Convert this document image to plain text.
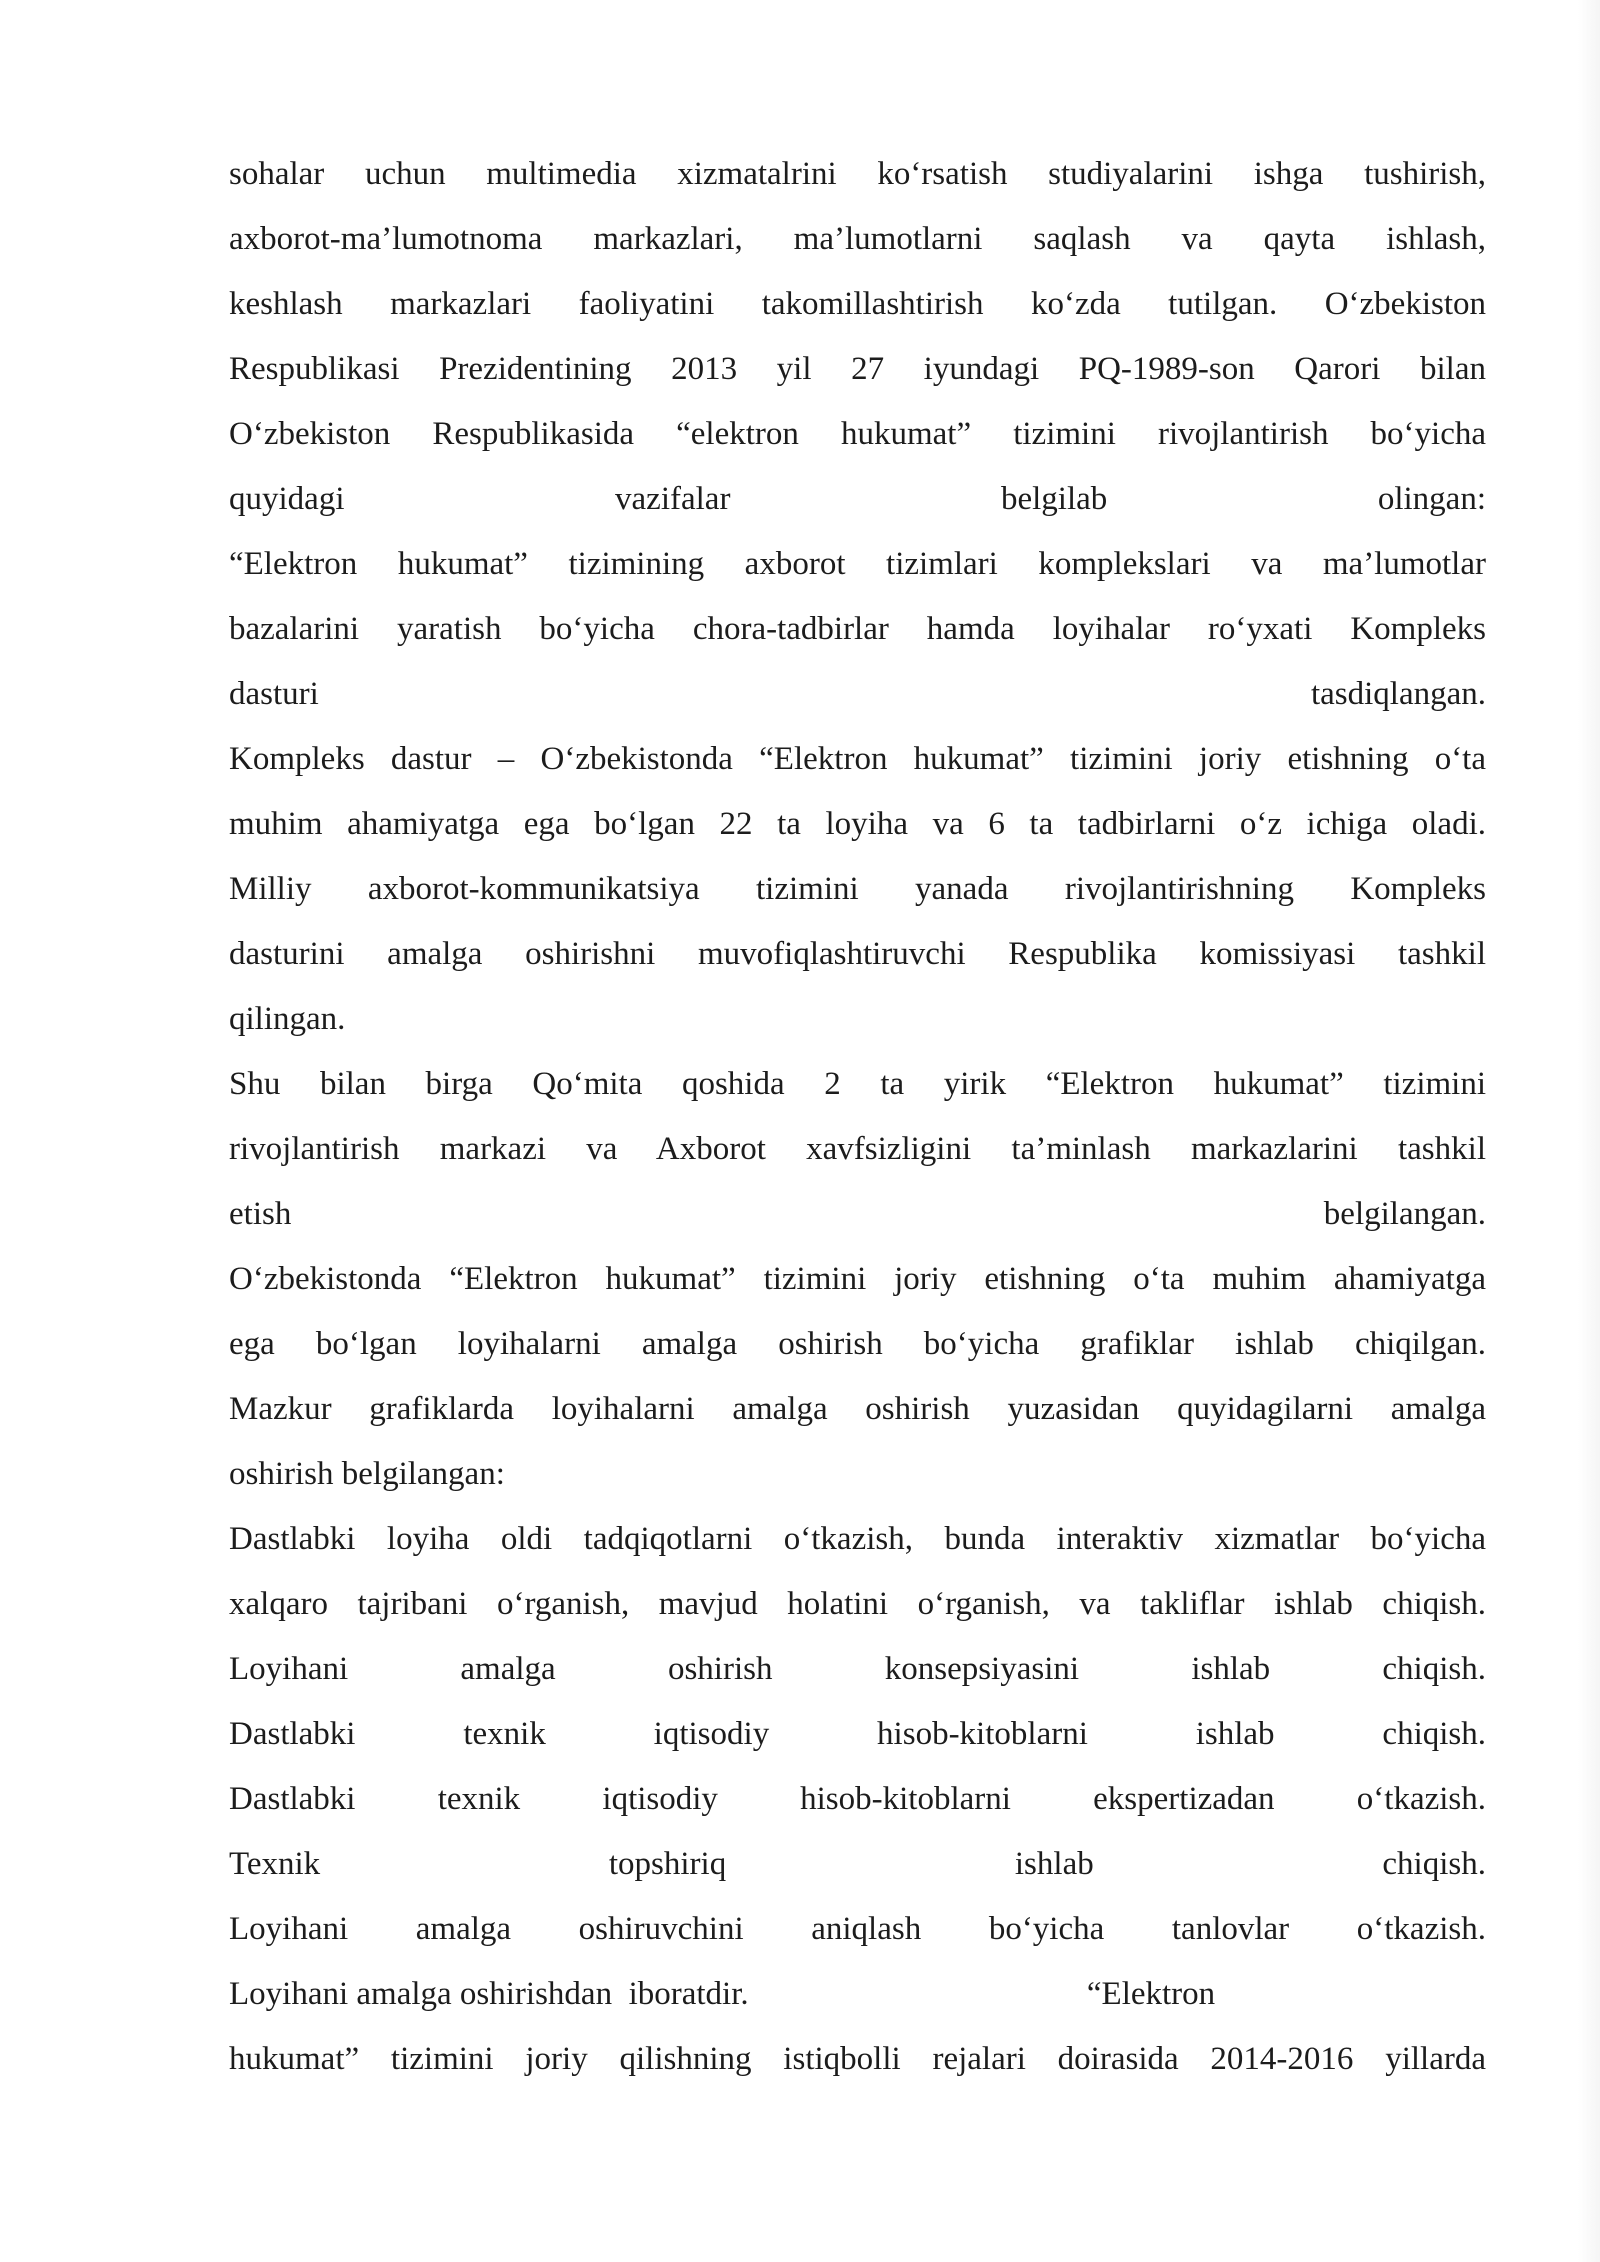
sohalar uchun multimedia xizmatalrini ko‘rsatish studiyalarini ishga tushirish,
axborot-ma’lumotnoma markazlari, ma’lumotlarni saqlash va qayta ishlash,
keshlash markazlari faoliyatini takomillashtirish ko‘zda tutilgan. O‘zbekiston
Respublikasi Prezidentining 2013 yil 27 iyundagi PQ-1989-son Qarori bilan
O‘zbekiston Respublikasida “elektron hukumat” tizimini rivojlantirish bo‘yicha
quyidagi vazifalar belgilab olingan:
“Elektron hukumat” tizimining axborot tizimlari komplekslari va ma’lumotlar
bazalarini yaratish bo‘yicha chora-tadbirlar hamda loyihalar ro‘yxati Kompleks
dasturi tasdiqlangan.
Kompleks dastur – O‘zbekistonda “Elektron hukumat” tizimini joriy etishning o‘ta
muhim ahamiyatga ega bo‘lgan 22 ta loyiha va 6 ta tadbirlarni o‘z ichiga oladi.
Milliy axborot-kommunikatsiya tizimini yanada rivojlantirishning Kompleks
dasturini amalga oshirishni muvofiqlashtiruvchi Respublika komissiyasi tashkil
qilingan.
Shu bilan birga Qo‘mita qoshida 2 ta yirik “Elektron hukumat” tizimini
rivojlantirish markazi va Axborot xavfsizligini ta’minlash markazlarini tashkil
etish belgilangan.
O‘zbekistonda “Elektron hukumat” tizimini joriy etishning o‘ta muhim ahamiyatga
ega bo‘lgan loyihalarni amalga oshirish bo‘yicha grafiklar ishlab chiqilgan.
Mazkur grafiklarda loyihalarni amalga oshirish yuzasidan quyidagilarni amalga
oshirish belgilangan:
Dastlabki loyiha oldi tadqiqotlarni o‘tkazish, bunda interaktiv xizmatlar bo‘yicha
xalqaro tajribani o‘rganish, mavjud holatini o‘rganish, va takliflar ishlab chiqish.
Loyihani amalga oshirish konsepsiyasini ishlab chiqish.
Dastlabki texnik iqtisodiy hisob-kitoblarni ishlab chiqish.
Dastlabki texnik iqtisodiy hisob-kitoblarni ekspertizadan o‘tkazish.
Texnik topshiriq ishlab chiqish.
Loyihani amalga oshiruvchini aniqlash bo‘yicha tanlovlar o‘tkazish.
Loyihani amalga oshirishdan  iboratdir.                                         “Elektron
hukumat” tizimini joriy qilishning istiqbolli rejalari doirasida 2014-2016 yillarda
